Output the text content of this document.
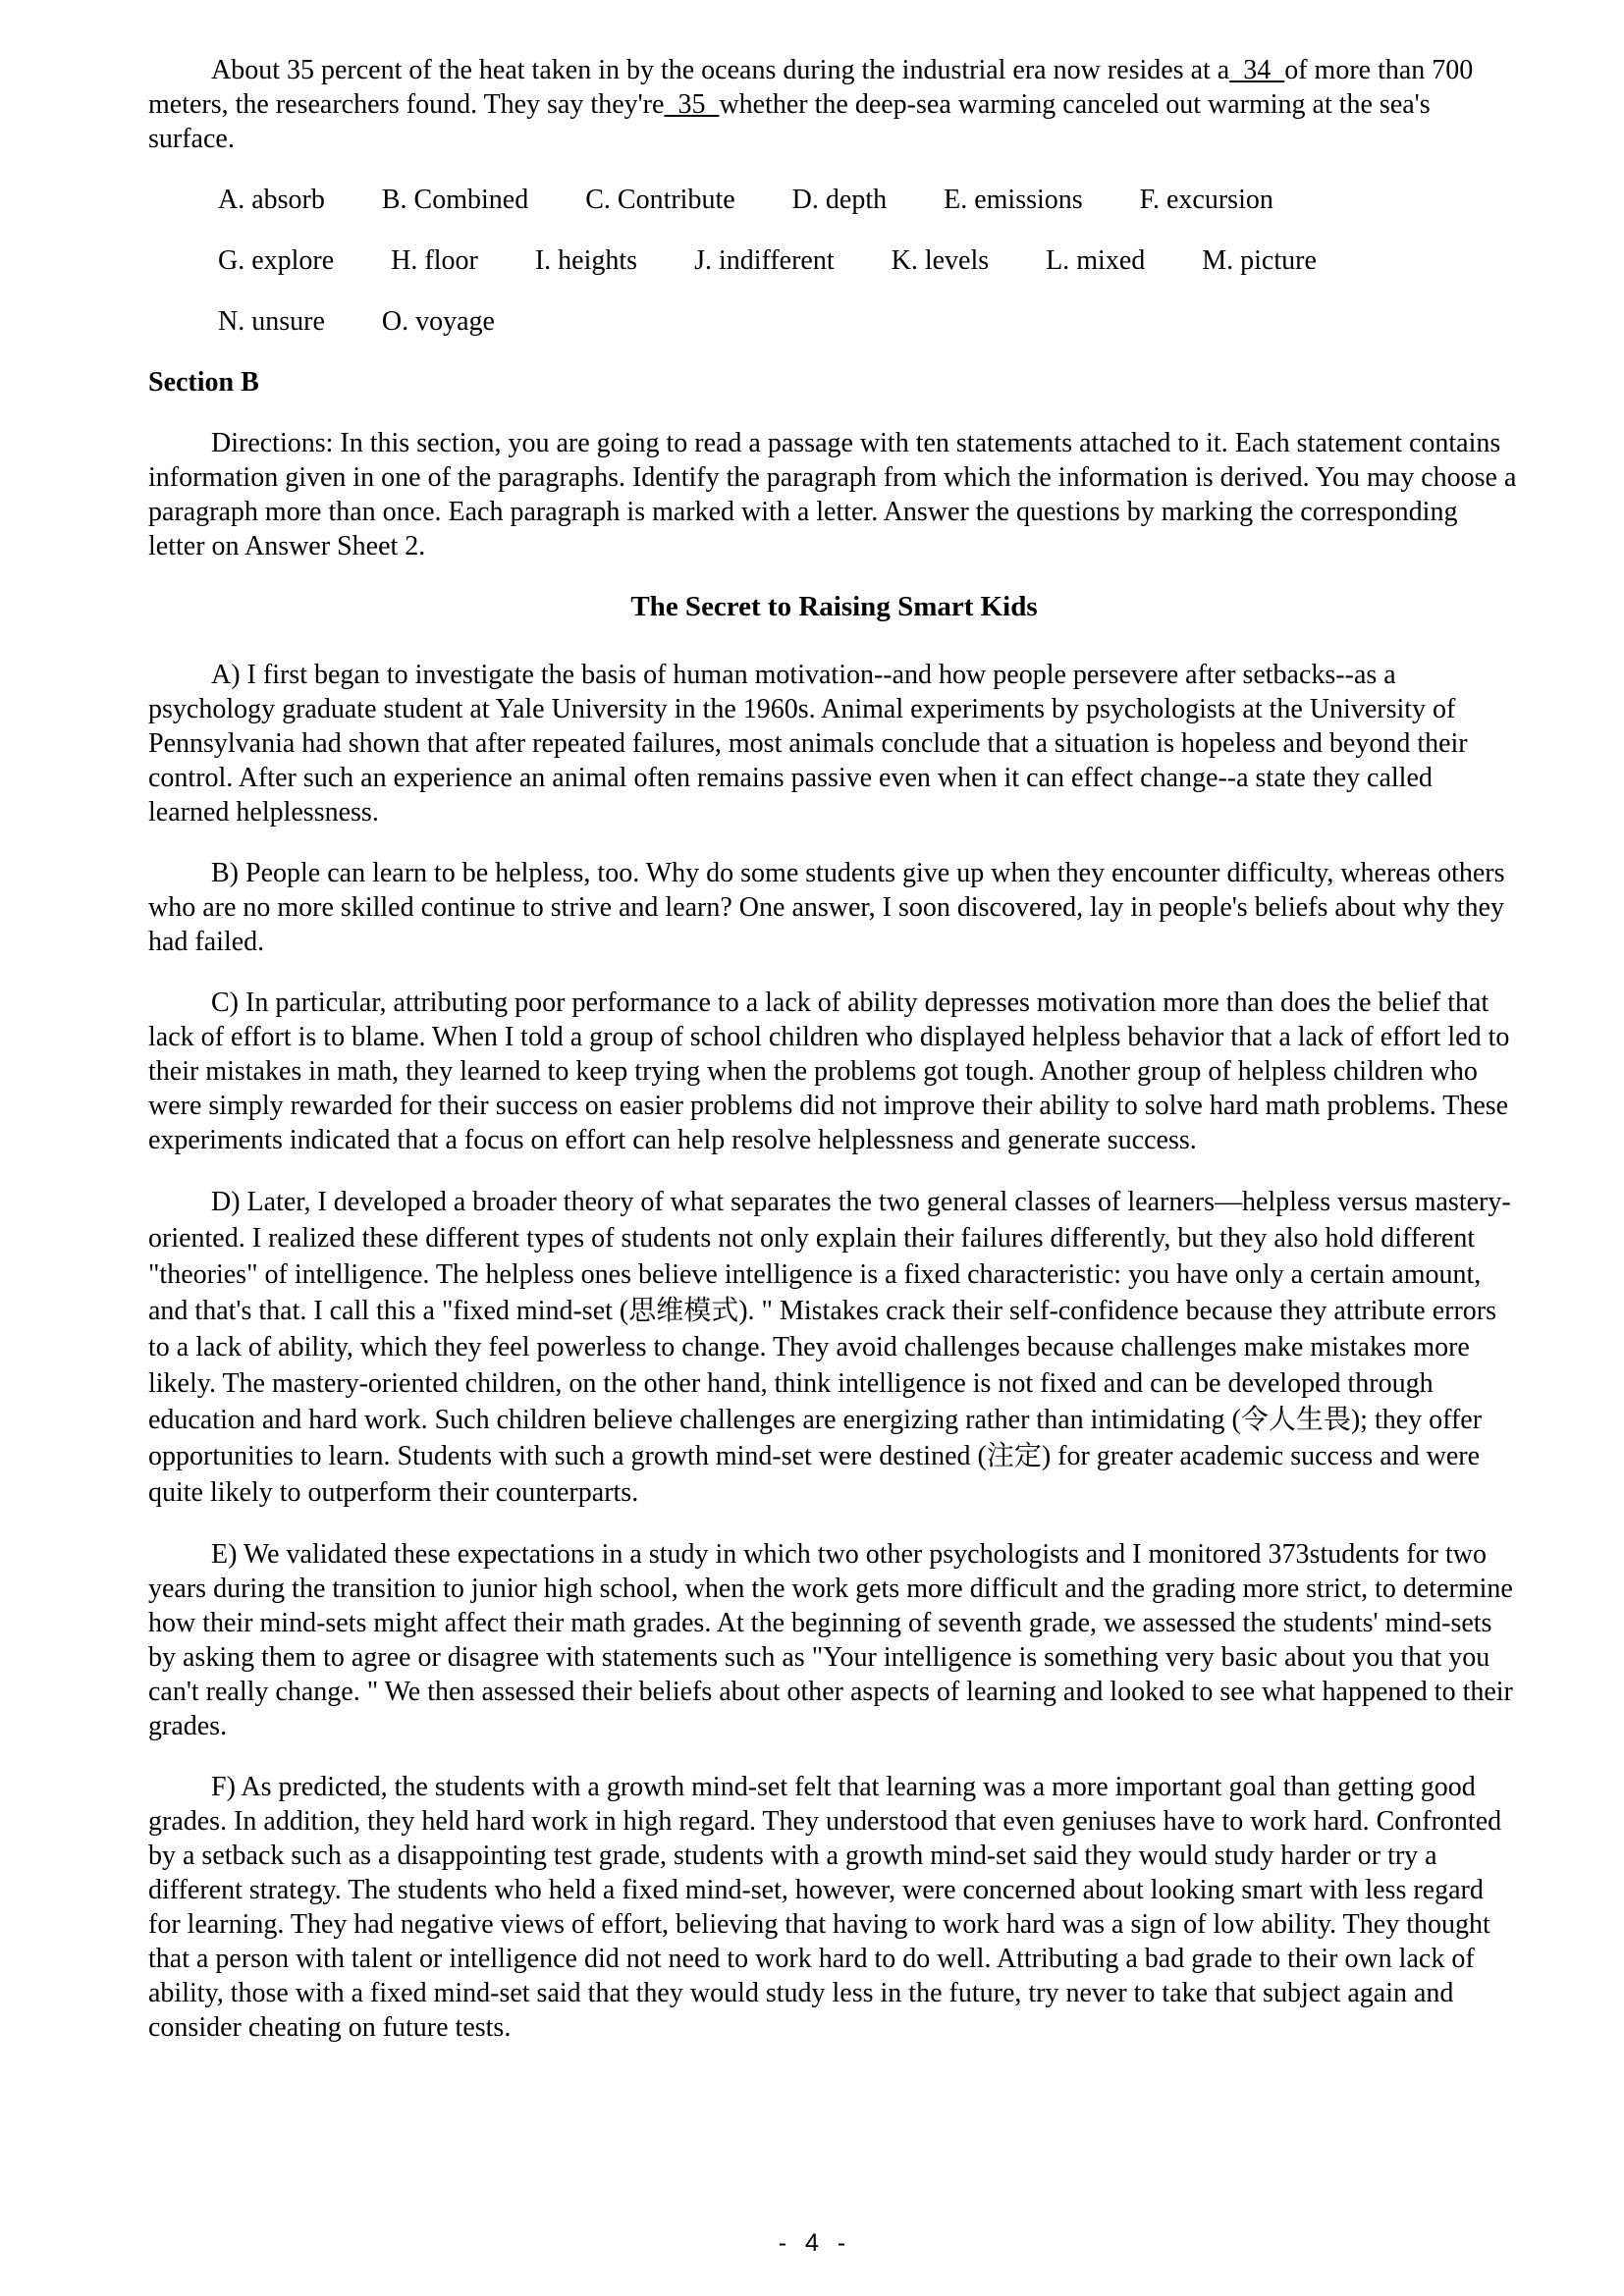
About 35 percent of the heat taken in by the oceans during the industrial era now resides at a  34  of more than 700 meters, the researchers found. They say they're  35  whether the deep-sea warming canceled out warming at the sea's surface.

A. absorb B. Combined C. Contribute D. depth E. emissions F. excursion
G. explore H. floor I. heights J. indifferent K. levels L. mixed M. picture
N. unsure O. voyage
Section B

Directions: In this section, you are going to read a passage with ten statements attached to it. Each statement contains information given in one of the paragraphs. Identify the paragraph from which the information is derived. You may choose a paragraph more than once. Each paragraph is marked with a letter. Answer the questions by marking the corresponding letter on Answer Sheet 2.

The Secret to Raising Smart Kids

A) I first began to investigate the basis of human motivation--and how people persevere after setbacks--as a psychology graduate student at Yale University in the 1960s. Animal experiments by psychologists at the University of Pennsylvania had shown that after repeated failures, most animals conclude that a situation is hopeless and beyond their control. After such an experience an animal often remains passive even when it can effect change--a state they called learned helplessness.

B) People can learn to be helpless, too. Why do some students give up when they encounter difficulty, whereas others who are no more skilled continue to strive and learn? One answer, I soon discovered, lay in people's beliefs about why they had failed.

C) In particular, attributing poor performance to a lack of ability depresses motivation more than does the belief that lack of effort is to blame. When I told a group of school children who displayed helpless behavior that a lack of effort led to their mistakes in math, they learned to keep trying when the problems got tough. Another group of helpless children who were simply rewarded for their success on easier problems did not improve their ability to solve hard math problems. These experiments indicated that a focus on effort can help resolve helplessness and generate success.

D) Later, I developed a broader theory of what separates the two general classes of learners—helpless versus mastery-oriented. I realized these different types of students not only explain their failures differently, but they also hold different "theories" of intelligence. The helpless ones believe intelligence is a fixed characteristic: you have only a certain amount, and that's that. I call this a "fixed mind-set (思维模式). " Mistakes crack their self-confidence because they attribute errors to a lack of ability, which they feel powerless to change. They avoid challenges because challenges make mistakes more likely. The mastery-oriented children, on the other hand, think intelligence is not fixed and can be developed through education and hard work. Such children believe challenges are energizing rather than intimidating (令人生畏); they offer opportunities to learn. Students with such a growth mind-set were destined (注定) for greater academic success and were quite likely to outperform their counterparts.

E) We validated these expectations in a study in which two other psychologists and I monitored 373students for two years during the transition to junior high school, when the work gets more difficult and the grading more strict, to determine how their mind-sets might affect their math grades. At the beginning of seventh grade, we assessed the students' mind-sets by asking them to agree or disagree with statements such as "Your intelligence is something very basic about you that you can't really change. " We then assessed their beliefs about other aspects of learning and looked to see what happened to their grades.

F) As predicted, the students with a growth mind-set felt that learning was a more important goal than getting good grades. In addition, they held hard work in high regard. They understood that even geniuses have to work hard. Confronted by a setback such as a disappointing test grade, students with a growth mind-set said they would study harder or try a different strategy. The students who held a fixed mind-set, however, were concerned about looking smart with less regard for learning. They had negative views of effort, believing that having to work hard was a sign of low ability. They thought that a person with talent or intelligence did not need to work hard to do well. Attributing a bad grade to their own lack of ability, those with a fixed mind-set said that they would study less in the future, try never to take that subject again and consider cheating on future tests.

- 4 -
